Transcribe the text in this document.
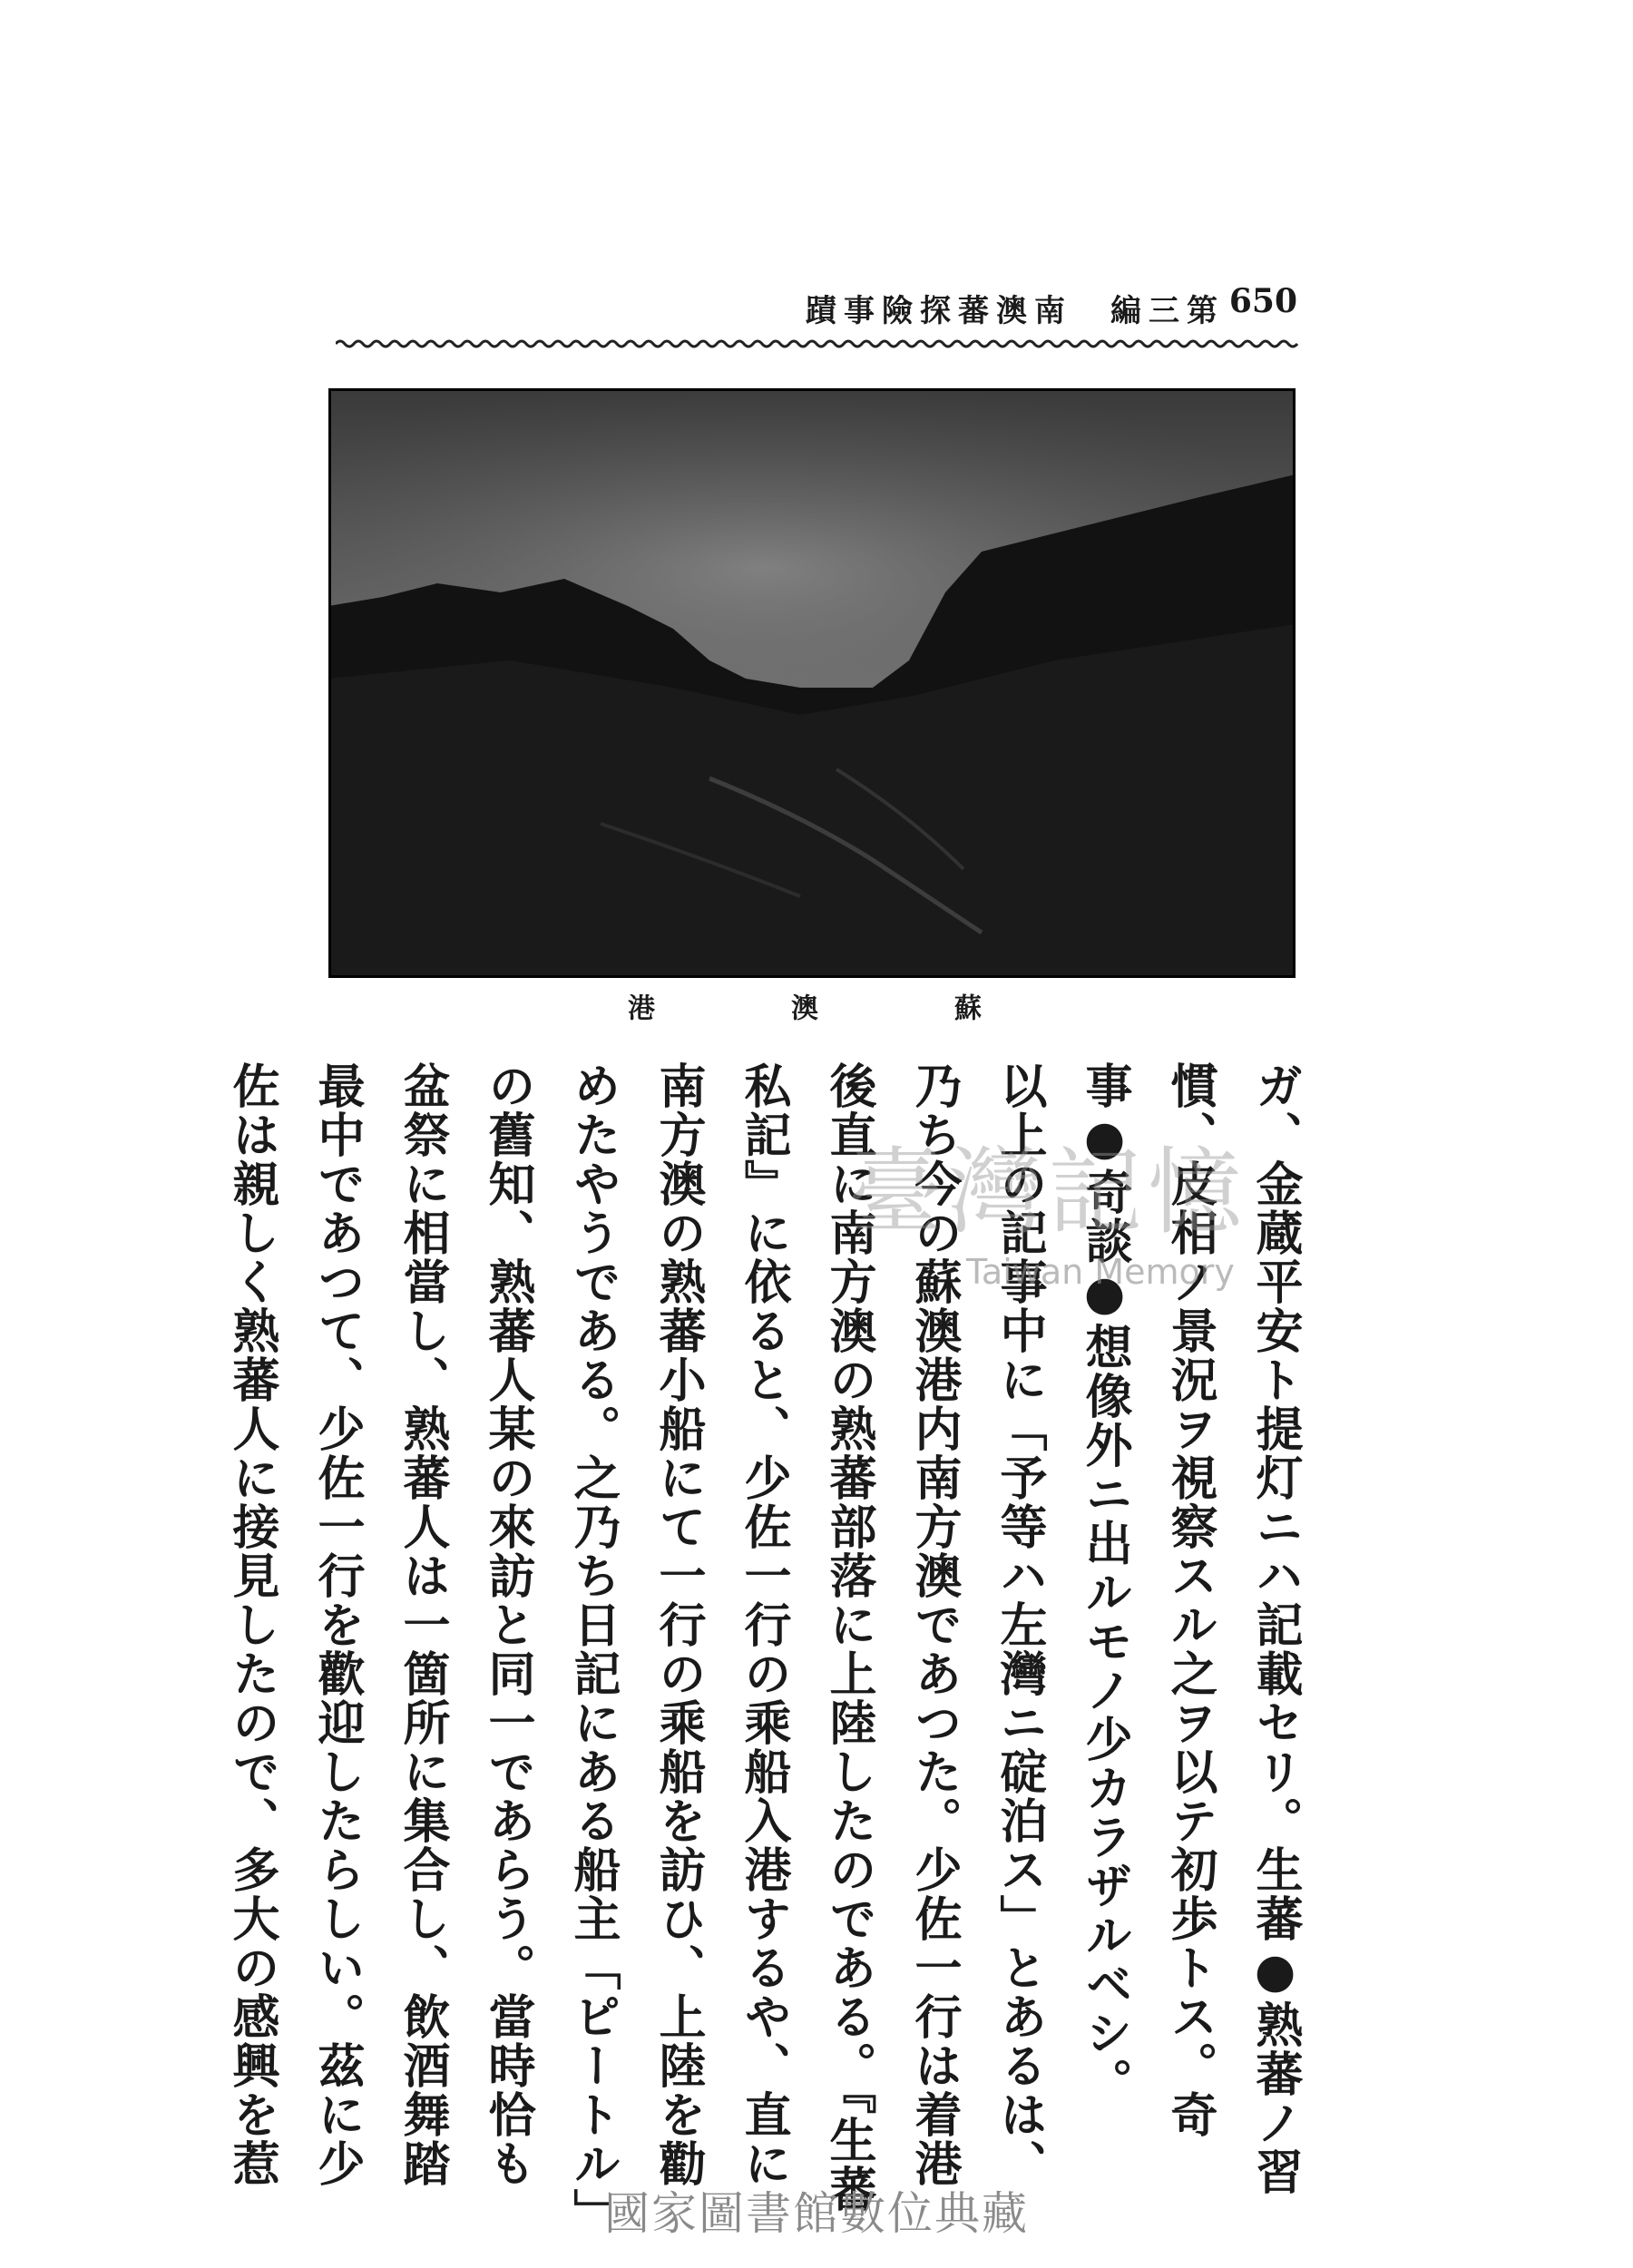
第三編　南澳蕃探險事蹟 650
蘇
澳
港
ガ、金蔵平安ト提灯ニハ記載セリ。生蕃●熟蕃ノ習
慣、皮相ノ景況ヲ視察スル之ヲ以テ初歩トス。奇
事●奇談●想像外ニ出ルモノ少カラザルベシ。
以上の記事中に「予等ハ左灣ニ碇泊ス」とあるは、
乃ち今の蘇澳港内南方澳であつた。少佐一行は着港
後直に南方澳の熟蕃部落に上陸したのである。『生蕃
私記』に依ると、少佐一行の乘船入港するや、直に
南方澳の熟蕃小船にて一行の乘船を訪ひ、上陸を勸
めたやうである。之乃ち日記にある船主「ピートル」
の舊知、熟蕃人某の來訪と同一であらう。當時恰も
盆祭に相當し、熟蕃人は一箇所に集合し、飲酒舞踏
最中であつて、少佐一行を歡迎したらしい。茲に少
佐は親しく熟蕃人に接見したので、多大の感興を惹	臺灣記憶
Taiwan Memory
國家圖書館數位典藏
